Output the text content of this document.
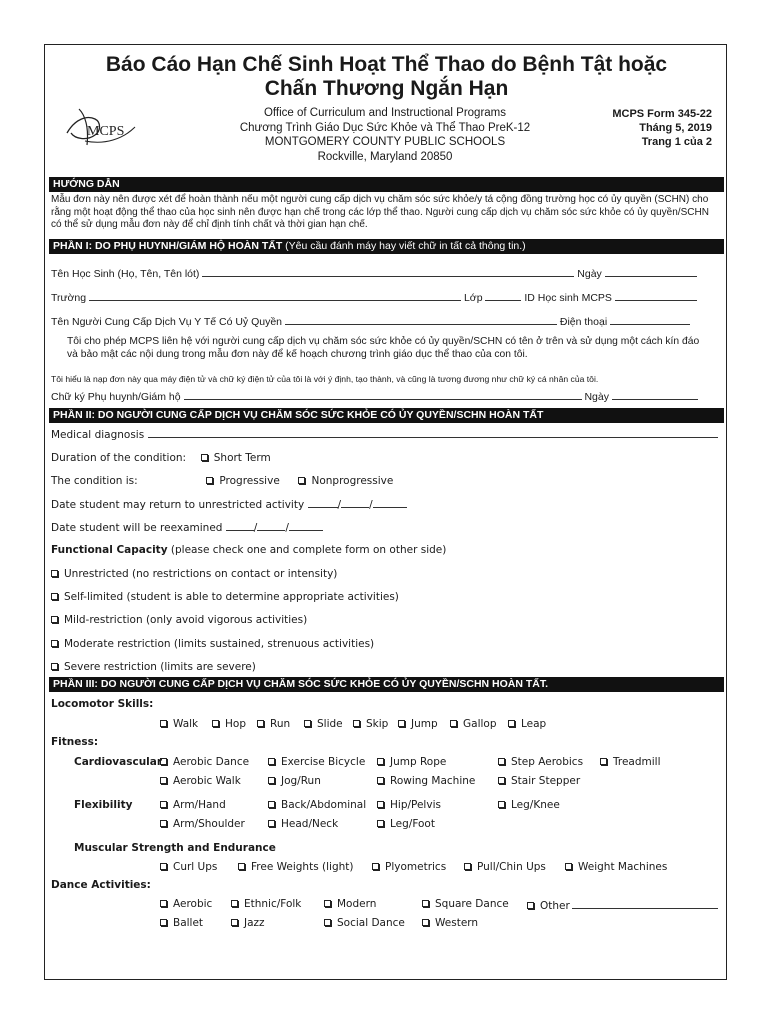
Báo Cáo Hạn Chế Sinh Hoạt Thể Thao do Bệnh Tật hoặc
Chấn Thương Ngắn Hạn
MCPS
Office of Curriculum and Instructional Programs
Chương Trình Giáo Dục Sức Khỏe và Thể Thao PreK-12
MONTGOMERY COUNTY PUBLIC SCHOOLS
Rockville, Maryland 20850
MCPS Form 345-22
Tháng 5, 2019
Trang 1 của 2
HƯỚNG DẪN
Mẫu đơn này nên được xét để hoàn thành nếu một người cung cấp dịch vụ chăm sóc sức khỏe/y tá cộng đồng trường học có ủy quyền (SCHN) cho rằng một hoạt động thể thao của học sinh nên được hạn chế trong các lớp thể thao. Người cung cấp dịch vụ chăm sóc sức khỏe có ủy quyền/SCHN có thể sử dụng mẫu đơn này để chỉ định tính chất và thời gian hạn chế.
PHẦN I: DO PHỤ HUYNH/GIÁM HỘ HOÀN TẤT (Yêu cầu đánh máy hay viết chữ in tất cả thông tin.)
Tên Học Sinh (Họ, Tên, Tên lót)	Ngày
Trường	Lớp	ID Học sinh MCPS
Tên Người Cung Cấp Dịch Vụ Y Tế Có Uỷ Quyền	Điện thoại
Tôi cho phép MCPS liên hệ với người cung cấp dịch vụ chăm sóc sức khỏe có ủy quyền/SCHN có tên ở trên và sử dụng một cách kín đáo và bảo mật các nội dung trong mẫu đơn này để kế hoạch chương trình giáo dục thể thao của con tôi.
Tôi hiểu là nạp đơn này qua máy điện tử và chữ ký điện tử của tôi là với ý định, tạo thành, và cũng là tương đương như chữ ký cá nhân của tôi.
Chữ ký Phụ huynh/Giám hộ	Ngày
PHẦN II: DO NGƯỜI CUNG CẤP DỊCH VỤ CHĂM SÓC SỨC KHỎE CÓ ỦY QUYỀN/SCHN HOÀN TẤT
Medical diagnosis
Duration of the condition:	Short Term
The condition is:	Progressive	Nonprogressive
Date student may return to unrestricted activity	/	/
Date student will be reexamined	/	/
Functional Capacity (please check one and complete form on other side)
Unrestricted (no restrictions on contact or intensity)
Self-limited (student is able to determine appropriate activities)
Mild-restriction (only avoid vigorous activities)
Moderate restriction (limits sustained, strenuous activities)
Severe restriction (limits are severe)
PHẦN III: DO NGƯỜI CUNG CẤP DỊCH VỤ CHĂM SÓC SỨC KHỎE CÓ ỦY QUYỀN/SCHN HOÀN TẤT.
Locomotor Skills:
Walk	Hop	Run	Slide	Skip	Jump	Gallop	Leap
Fitness:
Cardiovascular	Aerobic Dance	Exercise Bicycle	Jump Rope	Step Aerobics	Treadmill
Aerobic Walk	Jog/Run	Rowing Machine	Stair Stepper
Flexibility	Arm/Hand	Back/Abdominal	Hip/Pelvis	Leg/Knee
Arm/Shoulder	Head/Neck	Leg/Foot
Muscular Strength and Endurance
Curl Ups	Free Weights (light)	Plyometrics	Pull/Chin Ups	Weight Machines
Dance Activities:
Aerobic	Ethnic/Folk	Modern	Square Dance	Other
Ballet	Jazz	Social Dance	Western
